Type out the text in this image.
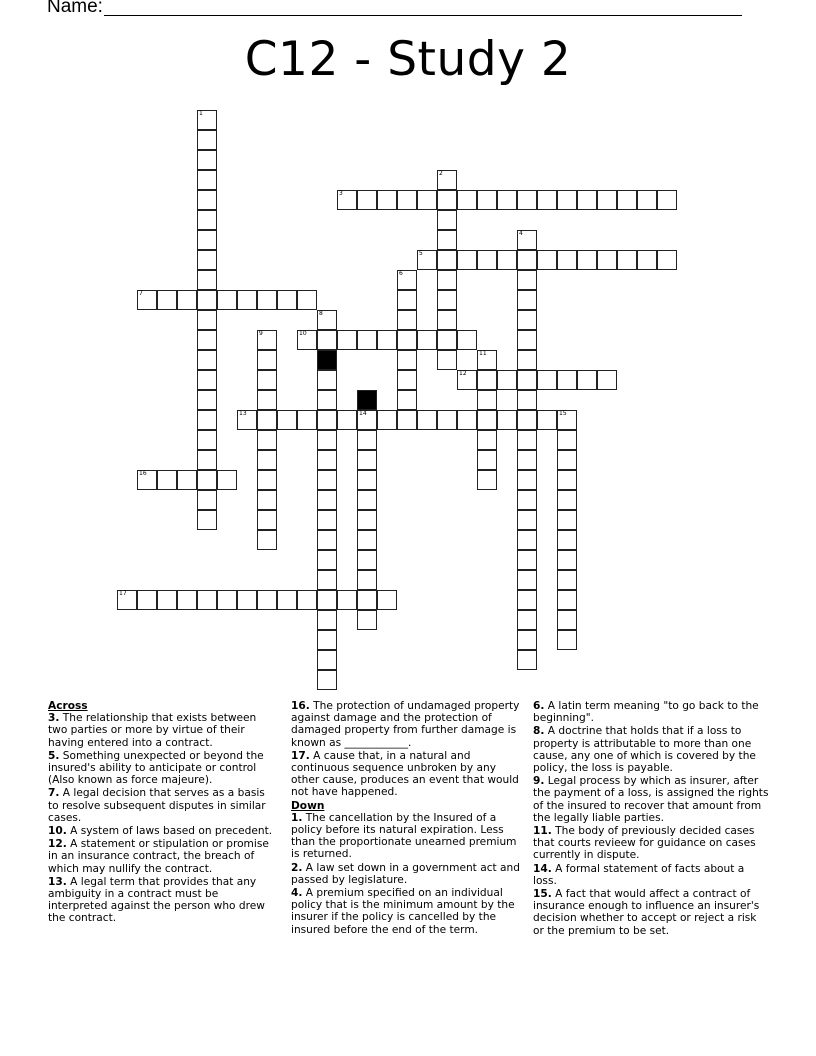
Name:
C12 - Study 2
1
2
3
4
5
6
7
8
9	10
11
12
13	14	15
16
17
Across
3. The relationship that exists between two parties or more by virtue of their having entered into a contract.
5. Something unexpected or beyond the insured's ability to anticipate or control (Also known as force majeure).
7. A legal decision that serves as a basis to resolve subsequent disputes in similar cases.
10. A system of laws based on precedent.
12. A statement or stipulation or promise in an insurance contract, the breach of which may nullify the contract.
13. A legal term that provides that any ambiguity in a contract must be interpreted against the person who drew the contract.
16. The protection of undamaged property against damage and the protection of damaged property from further damage is known as ____________.
17. A cause that, in a natural and continuous sequence unbroken by any other cause, produces an event that would not have happened.
Down
1. The cancellation by the Insured of a policy before its natural expiration. Less than the proportionate unearned premium is returned.
2. A law set down in a government act and passed by legislature.
4. A premium specified on an individual policy that is the minimum amount by the insurer if the policy is cancelled by the insured before the end of the term.
6. A latin term meaning "to go back to the beginning".
8. A doctrine that holds that if a loss to property is attributable to more than one cause, any one of which is covered by the policy, the loss is payable.
9. Legal process by which as insurer, after the payment of a loss, is assigned the rights of the insured to recover that amount from the legally liable parties.
11. The body of previously decided cases that courts revieew for guidance on cases currently in dispute.
14. A formal statement of facts about a loss.
15. A fact that would affect a contract of insurance enough to influence an insurer's decision whether to accept or reject a risk or the premium to be set.
